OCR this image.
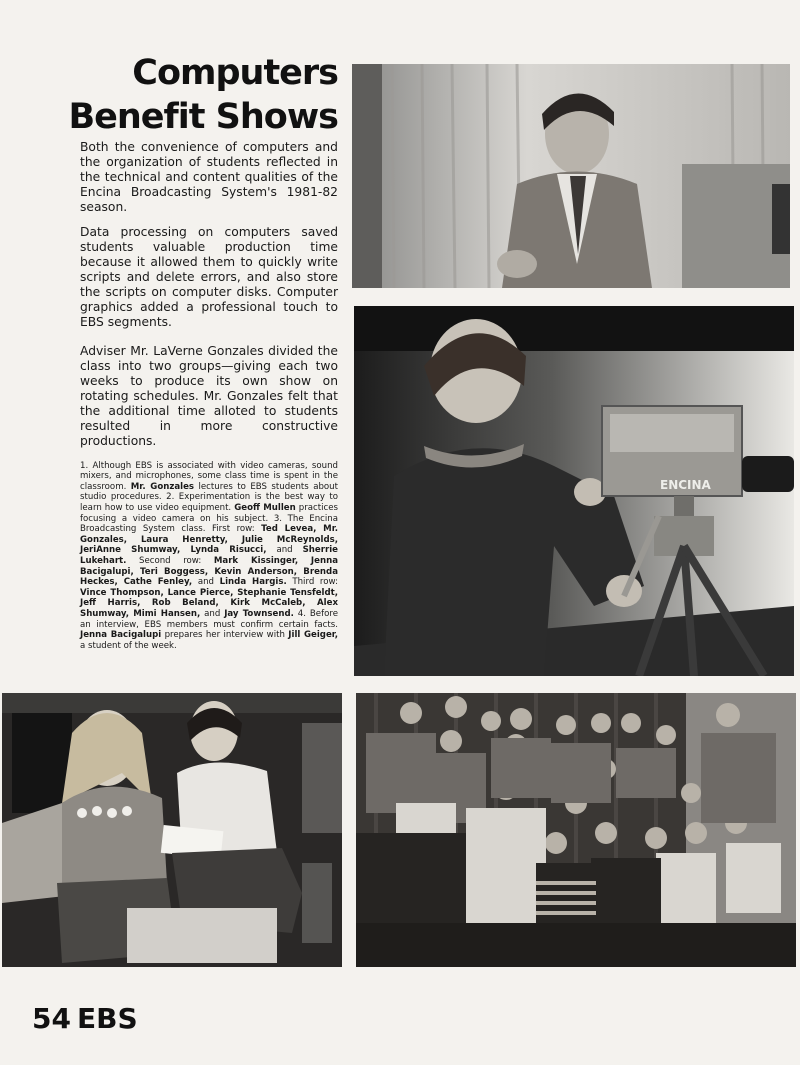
Computers
Benefit Shows

Both the convenience of computers and the organization of students reflected in the technical and content qualities of the Encina Broadcasting System's 1981-82 season.

Data processing on computers saved students valuable production time because it allowed them to quickly write scripts and delete errors, and also store the scripts on computer disks. Computer graphics added a professional touch to EBS segments.

Adviser Mr. LaVerne Gonzales divided the class into two groups—giving each two weeks to produce its own show on rotating schedules. Mr. Gonzales felt that the additional time alloted to students resulted in more constructive productions.

1. Although EBS is associated with video cameras, sound mixers, and microphones, some class time is spent in the classroom. Mr. Gonzales lectures to EBS students about studio procedures. 2. Experimentation is the best way to learn how to use video equipment. Geoff Mullen practices focusing a video camera on his subject. 3. The Encina Broadcasting System class. First row: Ted Levea, Mr. Gonzales, Laura Henretty, Julie McReynolds, JeriAnne Shumway, Lynda Risucci, and Sherrie Lukehart. Second row: Mark Kissinger, Jenna Bacigalupi, Teri Boggess, Kevin Anderson, Brenda Heckes, Cathe Fenley, and Linda Hargis. Third row: Vince Thompson, Lance Pierce, Stephanie Tensfeldt, Jeff Harris, Rob Beland, Kirk McCaleb, Alex Shumway, Mimi Hansen, and Jay Townsend. 4. Before an interview, EBS members must confirm certain facts. Jenna Bacigalupi prepares her interview with Jill Geiger, a student of the week.

ENCINA
54 EBS
